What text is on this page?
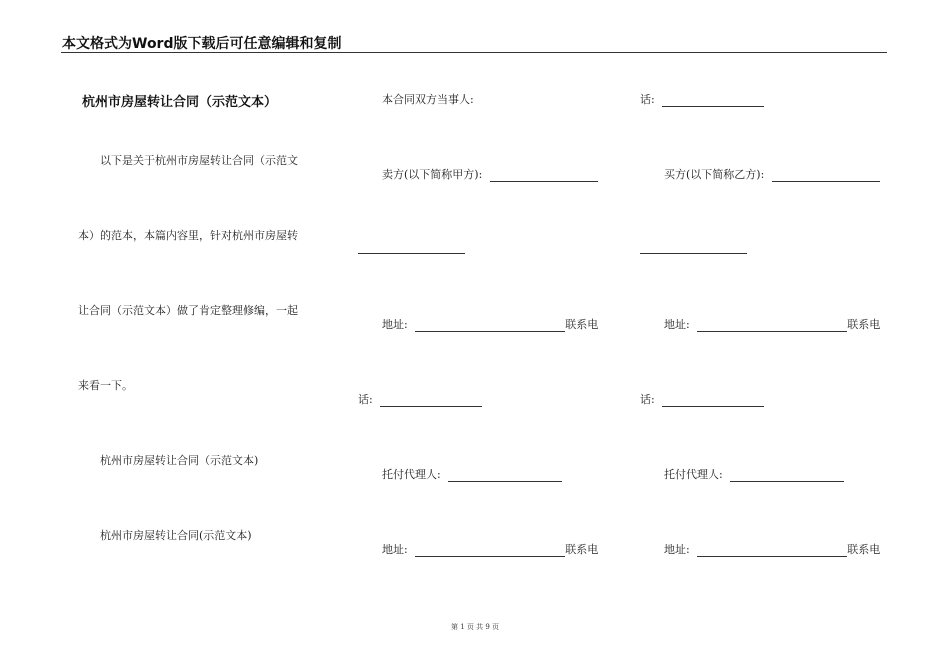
本文格式为Word版下载后可任意编辑和复制
杭州市房屋转让合同（示范文本）
以下是关于杭州市房屋转让合同（示范文
本）的范本，本篇内容里，针对杭州市房屋转
让合同（示范文本）做了肯定整理修编，一起
来看一下。
杭州市房屋转让合同（示范文本)
杭州市房屋转让合同(示范文本)
本合同双方当事人:
卖方(以下简称甲方):
地址:	联系电
话:
托付代理人:
地址:	联系电
话:
买方(以下简称乙方):
地址:	联系电
话:
托付代理人:
地址:	联系电
第 1 页 共 9 页
